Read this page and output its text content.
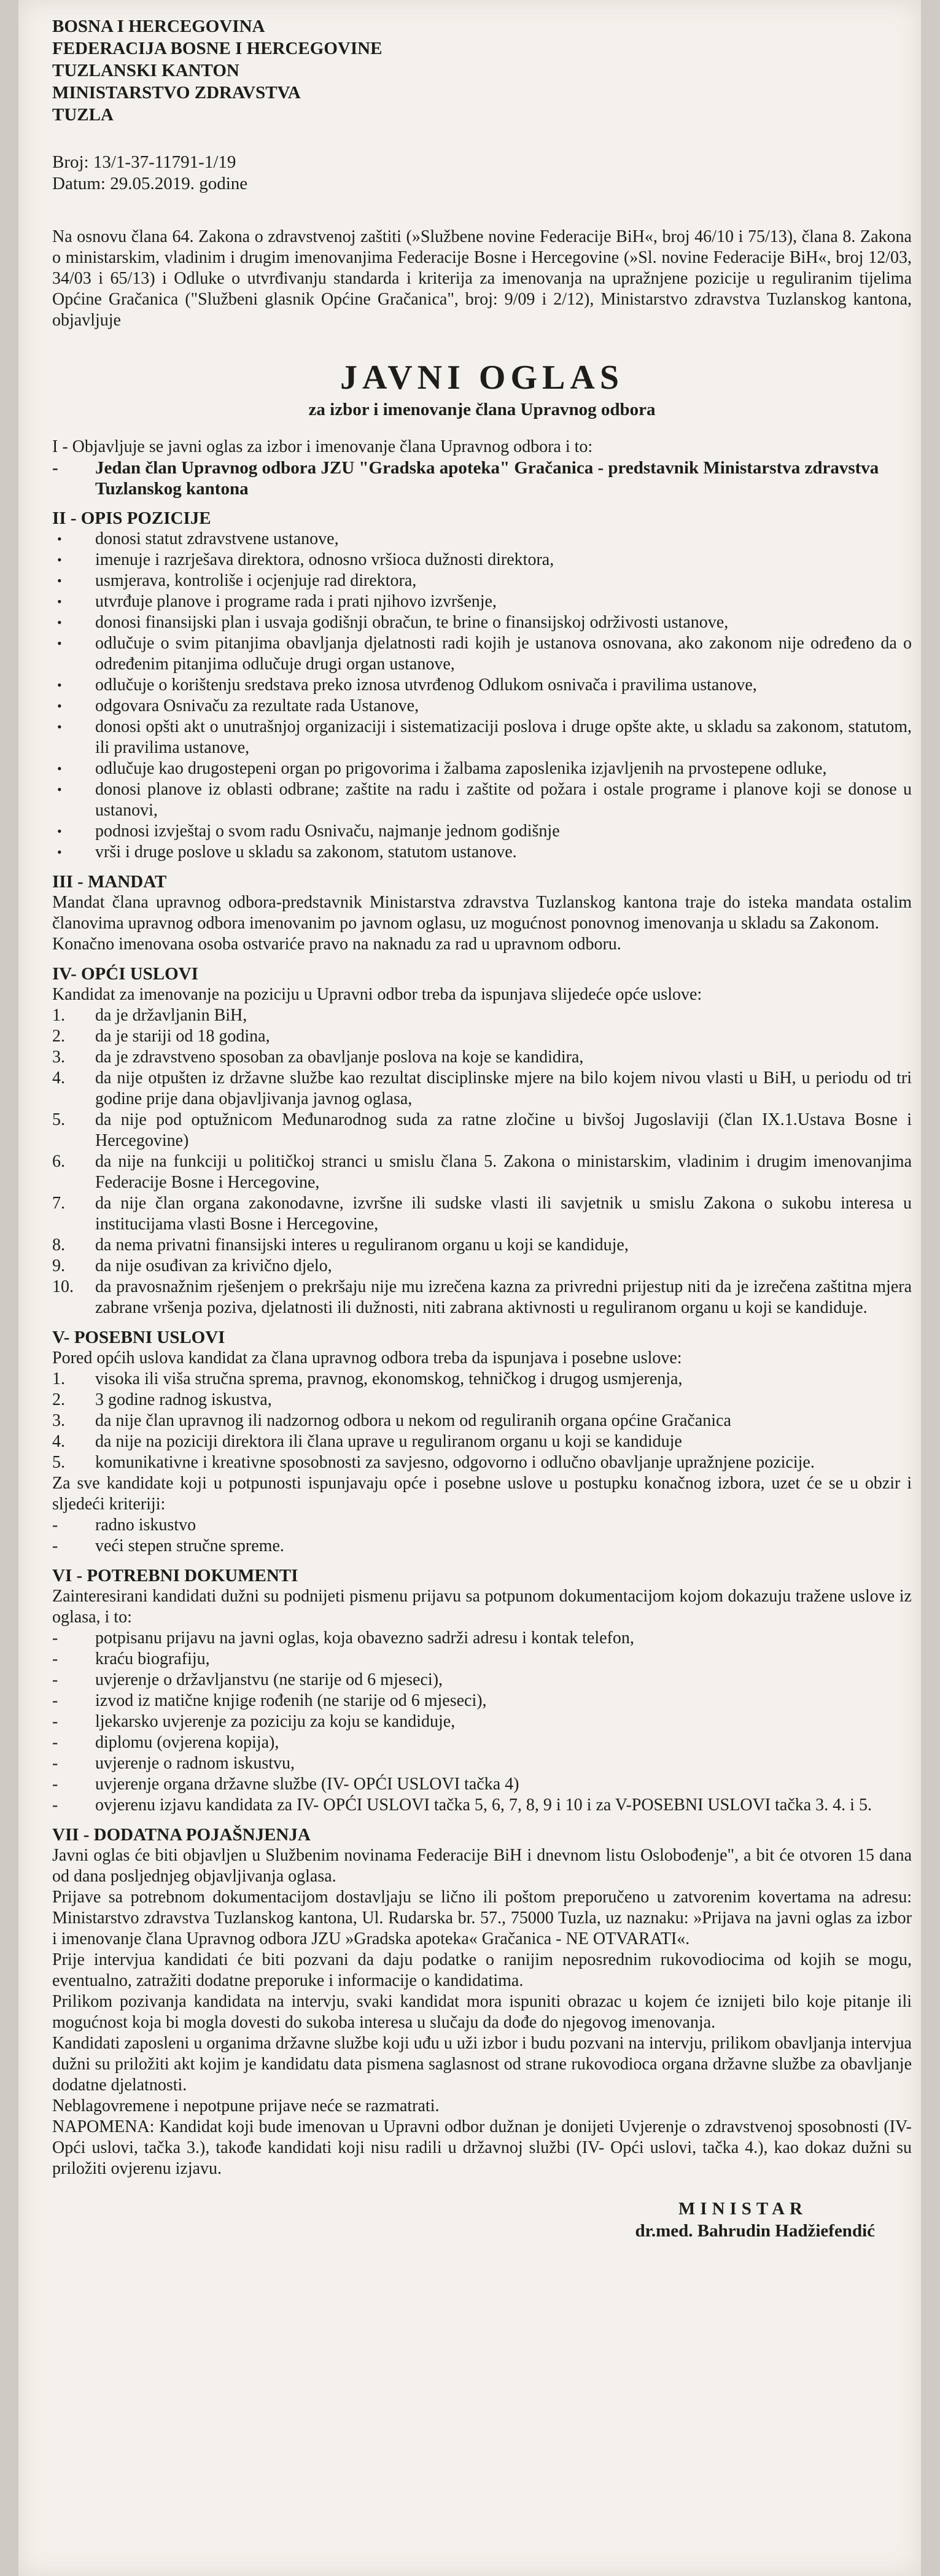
BOSNA I HERCEGOVINA
FEDERACIJA BOSNE I HERCEGOVINE
TUZLANSKI KANTON
MINISTARSTVO ZDRAVSTVA
TUZLA
Broj: 13/1-37-11791-1/19
Datum: 29.05.2019. godine
Na osnovu člana 64. Zakona o zdravstvenoj zaštiti (»Službene novine Federacije BiH«, broj 46/10 i 75/13), člana 8. Zakona o ministarskim, vladinim i drugim imenovanjima Federacije Bosne i Hercegovine (»Sl. novine Federacije BiH«, broj 12/03, 34/03 i 65/13) i Odluke o utvrđivanju standarda i kriterija za imenovanja na upražnjene pozicije u reguliranim tijelima Općine Gračanica ("Službeni glasnik Općine Gračanica", broj: 9/09 i 2/12), Ministarstvo zdravstva Tuzlanskog kantona, objavljuje
JAVNI OGLAS
za izbor i imenovanje člana Upravnog odbora
I - Objavljuje se javni oglas za izbor i imenovanje člana Upravnog odbora i to:
- Jedan član Upravnog odbora JZU "Gradska apoteka" Gračanica - predstavnik Ministarstva zdravstva Tuzlanskog kantona
II - OPIS POZICIJE
•	donosi statut zdravstvene ustanove,
•	imenuje i razrješava direktora, odnosno vršioca dužnosti direktora,
•	usmjerava, kontroliše i ocjenjuje rad direktora,
•	utvrđuje planove i programe rada i prati njihovo izvršenje,
•	donosi finansijski plan i usvaja godišnji obračun, te brine o finansijskoj održivosti ustanove,
•	odlučuje o svim pitanjima obavljanja djelatnosti radi kojih je ustanova osnovana, ako zakonom nije određeno da o određenim pitanjima odlučuje drugi organ ustanove,
•	odlučuje o korištenju sredstava preko iznosa utvrđenog Odlukom osnivača i pravilima ustanove,
•	odgovara Osnivaču za rezultate rada Ustanove,
•	donosi opšti akt o unutrašnjoj organizaciji i sistematizaciji poslova i druge opšte akte, u skladu sa zakonom, statutom, ili pravilima ustanove,
•	odlučuje kao drugostepeni organ po prigovorima i žalbama zaposlenika izjavljenih na prvostepene odluke,
•	donosi planove iz oblasti odbrane; zaštite na radu i zaštite od požara i ostale programe i planove koji se donose u ustanovi,
•	podnosi izvještaj o svom radu Osnivaču, najmanje jednom godišnje
•	vrši i druge poslove u skladu sa zakonom, statutom ustanove.
III - MANDAT
Mandat člana upravnog odbora-predstavnik Ministarstva zdravstva Tuzlanskog kantona traje do isteka mandata ostalim članovima upravnog odbora imenovanim po javnom oglasu, uz mogućnost ponovnog imenovanja u skladu sa Zakonom.
Konačno imenovana osoba ostvariće pravo na naknadu za rad u upravnom odboru.
IV- OPĆI USLOVI
Kandidat za imenovanje na poziciju u Upravni odbor treba da ispunjava slijedeće opće uslove:
1.	da je državljanin BiH,
2.	da je stariji od 18 godina,
3.	da je zdravstveno sposoban za obavljanje poslova na koje se kandidira,
4.	da nije otpušten iz državne službe kao rezultat disciplinske mjere na bilo kojem nivou vlasti u BiH, u periodu od tri godine prije dana objavljivanja javnog oglasa,
5.	da nije pod optužnicom Međunarodnog suda za ratne zločine u bivšoj Jugoslaviji (član IX.1.Ustava Bosne i Hercegovine)
6.	da nije na funkciji u političkoj stranci u smislu člana 5. Zakona o ministarskim, vladinim i drugim imenovanjima Federacije Bosne i Hercegovine,
7.	da nije član organa zakonodavne, izvršne ili sudske vlasti ili savjetnik u smislu Zakona o sukobu interesa u institucijama vlasti Bosne i Hercegovine,
8.	da nema privatni finansijski interes u reguliranom organu u koji se kandiduje,
9.	da nije osuđivan za krivično djelo,
10.	da pravosnažnim rješenjem o prekršaju nije mu izrečena kazna za privredni prijestup niti da je izrečena zaštitna mjera zabrane vršenja poziva, djelatnosti ili dužnosti, niti zabrana aktivnosti u reguliranom organu u koji se kandiduje.
V- POSEBNI USLOVI
Pored općih uslova kandidat za člana upravnog odbora treba da ispunjava i posebne uslove:
1.	visoka ili viša stručna sprema, pravnog, ekonomskog, tehničkog i drugog usmjerenja,
2.	3 godine radnog iskustva,
3.	da nije član upravnog ili nadzornog odbora u nekom od reguliranih organa općine Gračanica
4.	da nije na poziciji direktora ili člana uprave u reguliranom organu u koji se kandiduje
5.	komunikativne i kreativne sposobnosti za savjesno, odgovorno i odlučno obavljanje upražnjene pozicije.
Za sve kandidate koji u potpunosti ispunjavaju opće i posebne uslove u postupku konačnog izbora, uzet će se u obzir i sljedeći kriteriji:
-	radno iskustvo
-	veći stepen stručne spreme.
VI - POTREBNI DOKUMENTI
Zainteresirani kandidati dužni su podnijeti pismenu prijavu sa potpunom dokumentacijom kojom dokazuju tražene uslove iz oglasa, i to:
-	potpisanu prijavu na javni oglas, koja obavezno sadrži adresu i kontak telefon,
-	kraću biografiju,
-	uvjerenje o državljanstvu (ne starije od 6 mjeseci),
-	izvod iz matične knjige rođenih (ne starije od 6 mjeseci),
-	ljekarsko uvjerenje za poziciju za koju se kandiduje,
-	diplomu (ovjerena kopija),
-	uvjerenje o radnom iskustvu,
-	uvjerenje organa državne službe (IV- OPĆI USLOVI tačka 4)
-	ovjerenu izjavu kandidata za IV- OPĆI USLOVI tačka 5, 6, 7, 8, 9 i 10 i za V-POSEBNI USLOVI tačka 3. 4. i 5.
VII - DODATNA POJAŠNJENJA
Javni oglas će biti objavljen u Službenim novinama Federacije BiH i dnevnom listu Oslobođenje", a bit će otvoren 15 dana od dana posljednjeg objavljivanja oglasa.
Prijave sa potrebnom dokumentacijom dostavljaju se lično ili poštom preporučeno u zatvorenim kovertama na adresu: Ministarstvo zdravstva Tuzlanskog kantona, Ul. Rudarska br. 57., 75000 Tuzla, uz naznaku: »Prijava na javni oglas za izbor i imenovanje člana Upravnog odbora JZU »Gradska apoteka« Gračanica - NE OTVARATI«.
Prije intervjua kandidati će biti pozvani da daju podatke o ranijim neposrednim rukovodiocima od kojih se mogu, eventualno, zatražiti dodatne preporuke i informacije o kandidatima.
Prilikom pozivanja kandidata na intervju, svaki kandidat mora ispuniti obrazac u kojem će iznijeti bilo koje pitanje ili mogućnost koja bi mogla dovesti do sukoba interesa u slučaju da dođe do njegovog imenovanja.
Kandidati zaposleni u organima državne službe koji uđu u uži izbor i budu pozvani na intervju, prilikom obavljanja intervjua dužni su priložiti akt kojim je kandidatu data pismena saglasnost od strane rukovodioca organa državne službe za obavljanje dodatne djelatnosti.
Neblagovremene i nepotpune prijave neće se razmatrati.
NAPOMENA: Kandidat koji bude imenovan u Upravni odbor dužnan je donijeti Uvjerenje o zdravstvenoj sposobnosti (IV- Opći uslovi, tačka 3.), takođe kandidati koji nisu radili u državnoj službi (IV- Opći uslovi, tačka 4.), kao dokaz dužni su priložiti ovjerenu izjavu.
MINISTAR
dr.med. Bahrudin Hadžiefendić
